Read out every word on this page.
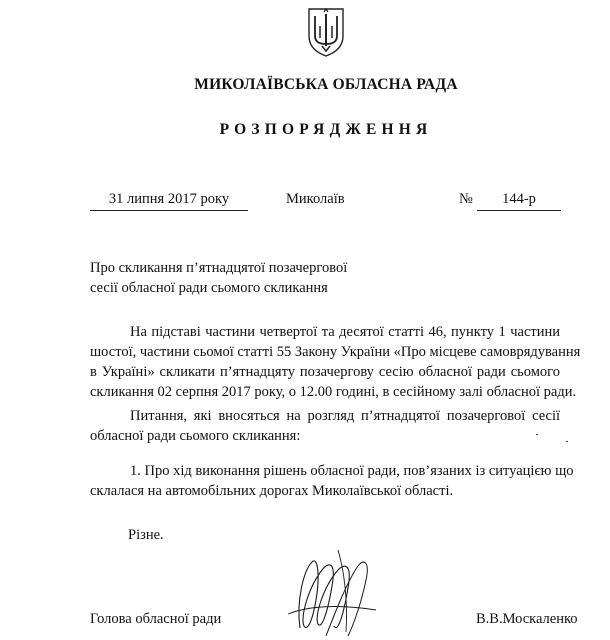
МИКОЛАЇВСЬКА ОБЛАСНА РАДА
РОЗПОРЯДЖЕННЯ
31 липня 2017 року	Миколаїв	№	144-р
Про скликання п’ятнадцятої позачергової
сесії обласної ради сьомого скликання
На підставі частини четвертої та десятої статті 46, пункту 1 частини
шостої, частини сьомої статті 55 Закону України «Про місцеве самоврядування
в Україні» скликати п’ятнадцяту позачергову сесію обласної ради сьомого
скликання 02 серпня 2017 року, о 12.00 годині, в сесійному залі обласної ради.
Питання, які вносяться на розгляд п’ятнадцятої позачергової сесії
обласної ради сьомого скликання:
1. Про хід виконання рішень обласної ради, пов’язаних із ситуацією що
склалася на автомобільних дорогах Миколаївської області.
Різне.
Голова обласної ради	В.В.Москаленко
